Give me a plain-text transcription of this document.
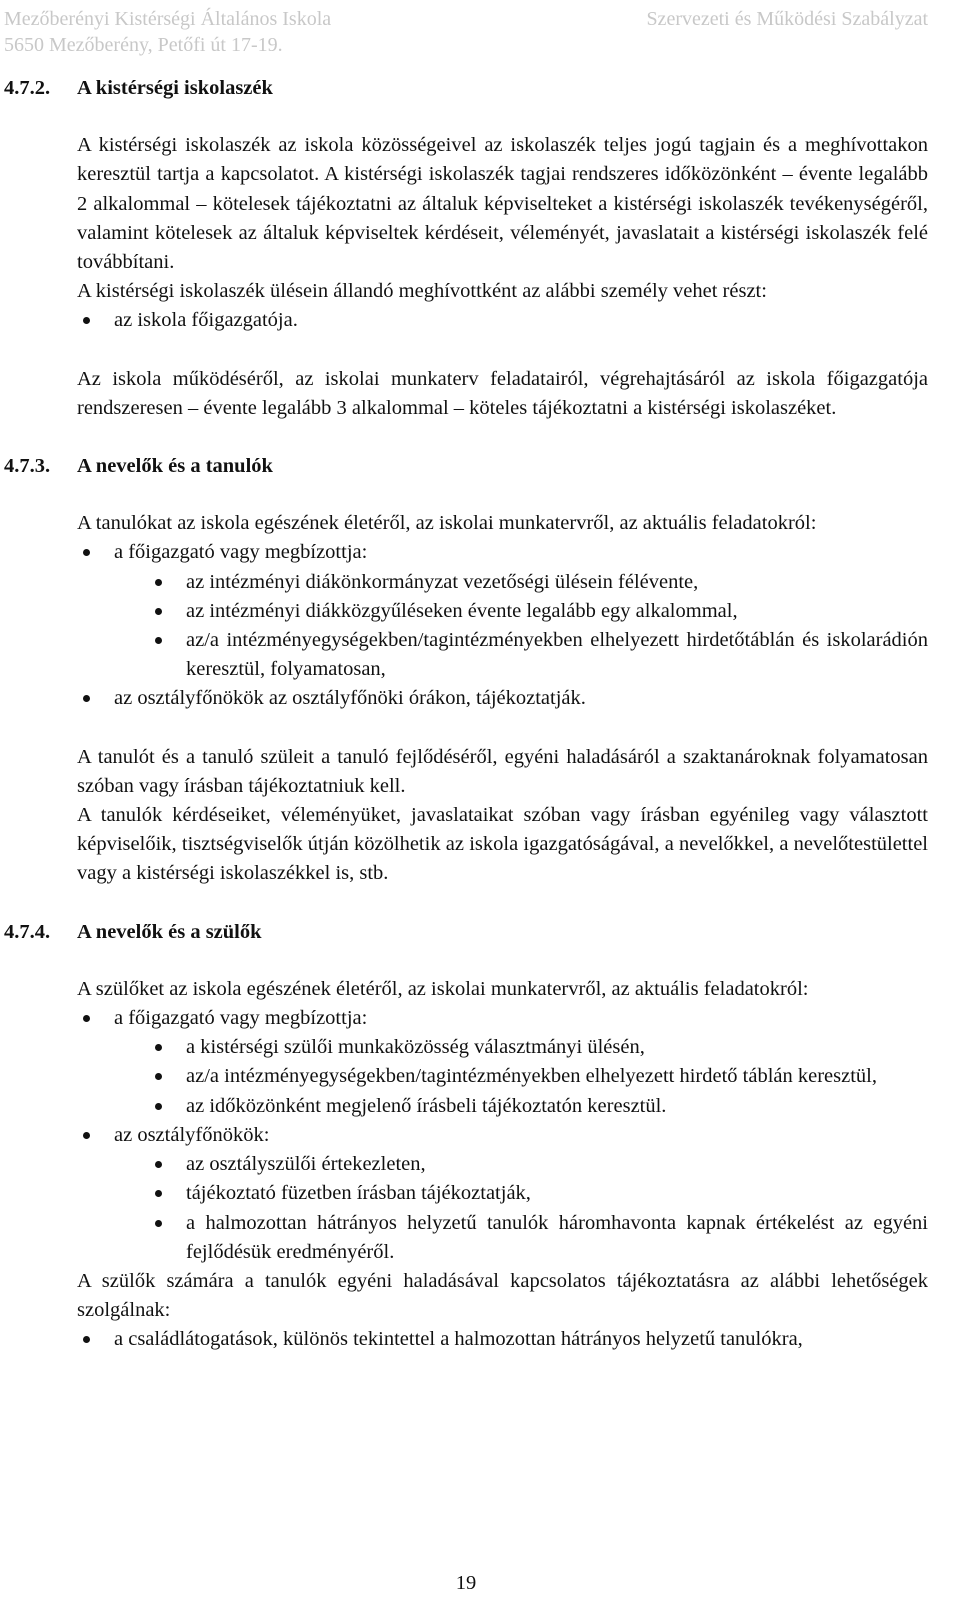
Mezőberényi Kistérségi Általános Iskola	Szervezeti és Működési Szabályzat
5650 Mezőberény, Petőfi út 17-19.
4.7.2.	A kistérségi iskolaszék
A kistérségi iskolaszék az iskola közösségeivel az iskolaszék teljes jogú tagjain és a meghívottakon keresztül tartja a kapcsolatot. A kistérségi iskolaszék tagjai rendszeres időközönként – évente legalább 2 alkalommal – kötelesek tájékoztatni az általuk képviselteket a kistérségi iskolaszék tevékenységéről, valamint kötelesek az általuk képviseltek kérdéseit, véleményét, javaslatait a kistérségi iskolaszék felé továbbítani.
A kistérségi iskolaszék ülésein állandó meghívottként az alábbi személy vehet részt:
az iskola főigazgatója.
Az iskola működéséről, az iskolai munkaterv feladatairól, végrehajtásáról az iskola főigazgatója rendszeresen – évente legalább 3 alkalommal – köteles tájékoztatni a kistérségi iskolaszéket.
4.7.3.	A nevelők és a tanulók
A tanulókat az iskola egészének életéről, az iskolai munkatervről, az aktuális feladatokról:
a főigazgató vagy megbízottja:
az intézményi diákönkormányzat vezetőségi ülésein félévente,
az intézményi diákközgyűléseken évente legalább egy alkalommal,
az/a intézményegységekben/tagintézményekben elhelyezett hirdetőtáblán és iskolarádión keresztül, folyamatosan,
az osztályfőnökök az osztályfőnöki órákon, tájékoztatják.
A tanulót és a tanuló szüleit a tanuló fejlődéséről, egyéni haladásáról a szaktanároknak folyamatosan szóban vagy írásban tájékoztatniuk kell.
A tanulók kérdéseiket, véleményüket, javaslataikat szóban vagy írásban egyénileg vagy választott képviselőik, tisztségviselők útján közölhetik az iskola igazgatóságával, a nevelőkkel, a nevelőtestülettel vagy a kistérségi iskolaszékkel is, stb.
4.7.4.	A nevelők és a szülők
A szülőket az iskola egészének életéről, az iskolai munkatervről, az aktuális feladatokról:
a főigazgató vagy megbízottja:
a kistérségi szülői munkaközösség választmányi ülésén,
az/a intézményegységekben/tagintézményekben elhelyezett hirdető táblán keresztül,
az időközönként megjelenő írásbeli tájékoztatón keresztül.
az osztályfőnökök:
az osztályszülői értekezleten,
tájékoztató füzetben írásban tájékoztatják,
a halmozottan hátrányos helyzetű tanulók háromhavonta kapnak értékelést az egyéni fejlődésük eredményéről.
A szülők számára a tanulók egyéni haladásával kapcsolatos tájékoztatásra az alábbi lehetőségek szolgálnak:
a családlátogatások, különös tekintettel a halmozottan hátrányos helyzetű tanulókra,
19
